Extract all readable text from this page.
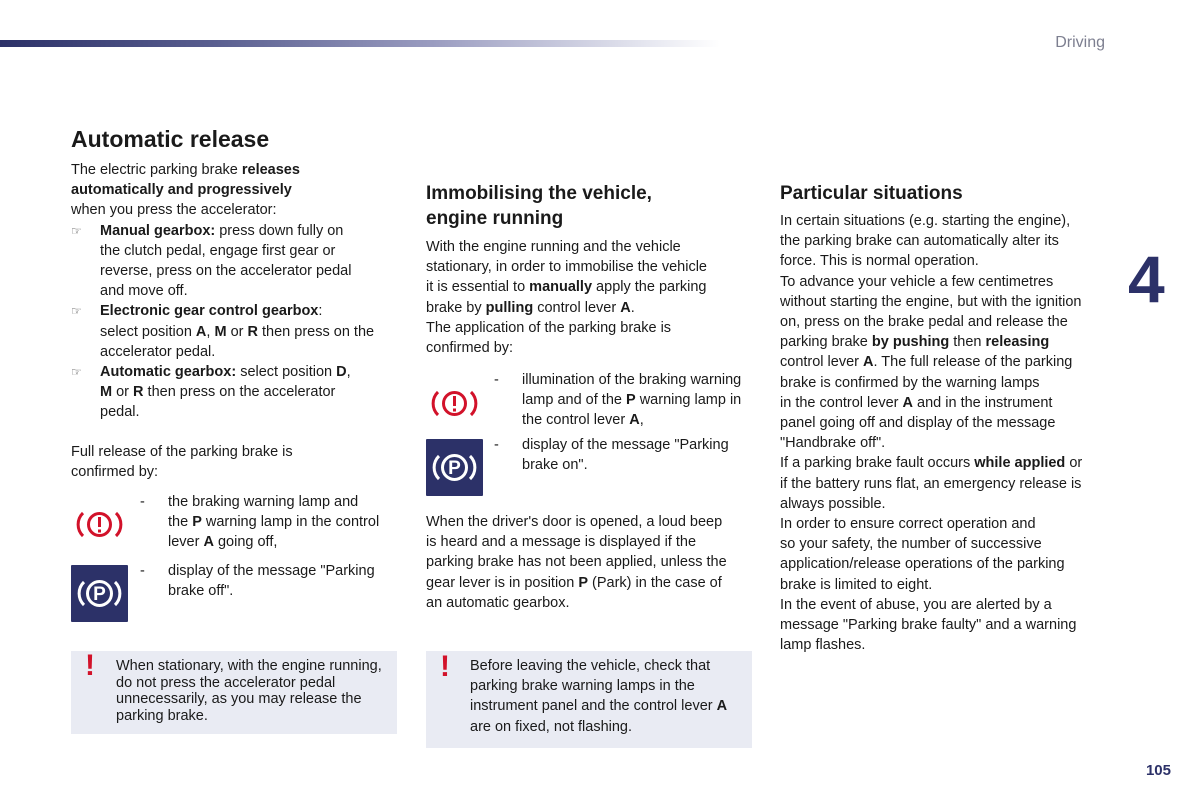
Driving
4
105
Automatic release
The electric parking brake releases
automatically and progressively
when you press the accelerator:
☞ Manual gearbox: press down fully on
the clutch pedal, engage first gear or
reverse, press on the accelerator pedal
and move off.
☞ Electronic gear control gearbox:
select position A, M or R then press on the
accelerator pedal.
☞ Automatic gearbox: select position D,
M or R then press on the accelerator
pedal.
Full release of the parking brake is
confirmed by:
- the braking warning lamp and
the P warning lamp in the control
lever A going off,
P
- display of the message "Parking
brake off".
! When stationary, with the engine running, do not press the accelerator pedal unnecessarily, as you may release the parking brake.
Immobilising the vehicle,
engine running
With the engine running and the vehicle
stationary, in order to immobilise the vehicle
it is essential to manually apply the parking
brake by pulling control lever A.
The application of the parking brake is
confirmed by:
- illumination of the braking warning
lamp and of the P warning lamp in
the control lever A,
P
- display of the message "Parking
brake on".
When the driver's door is opened, a loud beep
is heard and a message is displayed if the
parking brake has not been applied, unless the
gear lever is in position P (Park) in the case of
an automatic gearbox.
! Before leaving the vehicle, check that
parking brake warning lamps in the
instrument panel and the control lever A
are on fixed, not flashing.
Particular situations
In certain situations (e.g. starting the engine),
the parking brake can automatically alter its
force. This is normal operation.
To advance your vehicle a few centimetres
without starting the engine, but with the ignition
on, press on the brake pedal and release the
parking brake by pushing then releasing
control lever A. The full release of the parking
brake is confirmed by the warning lamps
in the control lever A and in the instrument
panel going off and display of the message
"Handbrake off".
If a parking brake fault occurs while applied or
if the battery runs flat, an emergency release is
always possible.
In order to ensure correct operation and
so your safety, the number of successive
application/release operations of the parking
brake is limited to eight.
In the event of abuse, you are alerted by a
message "Parking brake faulty" and a warning
lamp flashes.
